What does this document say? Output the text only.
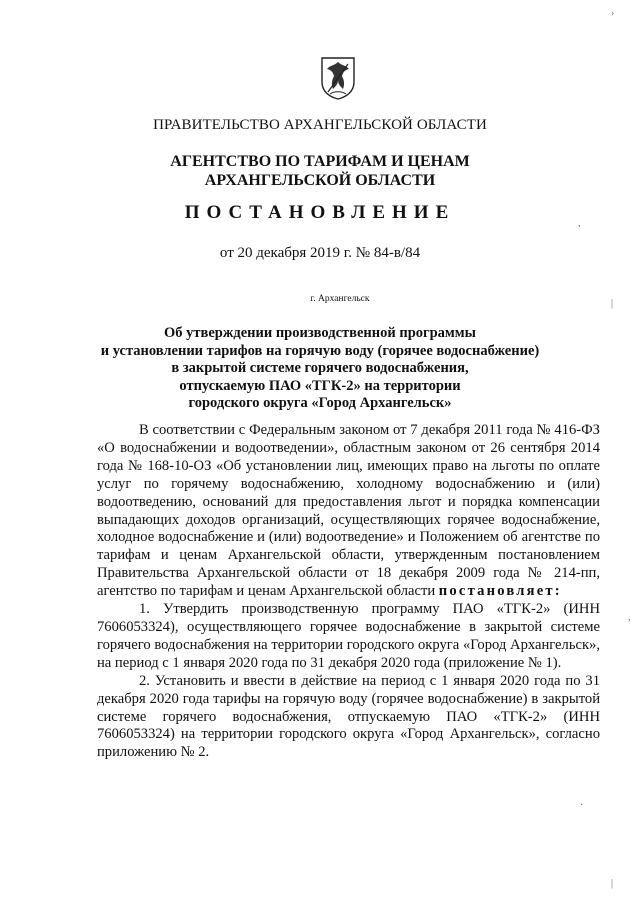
ПРАВИТЕЛЬСТВО АРХАНГЕЛЬСКОЙ ОБЛАСТИ
АГЕНТСТВО ПО ТАРИФАМ И ЦЕНАМ
АРХАНГЕЛЬСКОЙ ОБЛАСТИ
ПОСТАНОВЛЕНИЕ
от 20 декабря 2019 г. № 84-в/84
г. Архангельск
Об утверждении производственной программы
и установлении тарифов на горячую воду (горячее водоснабжение)
в закрытой системе горячего водоснабжения,
отпускаемую ПАО «ТГК-2» на территории
городского округа «Город Архангельск»

В соответствии с Федеральным законом от 7 декабря 2011 года № 416-ФЗ «О водоснабжении и водоотведении», областным законом от 26 сентября 2014 года № 168-10-ОЗ «Об установлении лиц, имеющих право на льготы по оплате услуг по горячему водоснабжению, холодному водоснабжению и (или) водоотведению, оснований для предоставления льгот и порядка компенсации выпадающих доходов организаций, осуществляющих горячее водоснабжение, холодное водоснабжение и (или) водоотведение» и Положением об агентстве по тарифам и ценам Архангельской области, утвержденным постановлением Правительства Архангельской области от 18 декабря 2009 года № 214-пп, агентство по тарифам и ценам Архангельской области постановляет:

1. Утвердить производственную программу ПАО «ТГК-2» (ИНН 7606053324), осуществляющего горячее водоснабжение в закрытой системе горячего водоснабжения на территории городского округа «Город Архангельск», на период с 1 января 2020 года по 31 декабря 2020 года (приложение № 1).

2. Установить и ввести в действие на период с 1 января 2020 года по 31 декабря 2020 года тарифы на горячую воду (горячее водоснабжение) в закрытой системе горячего водоснабжения, отпускаемую ПАО «ТГК-2» (ИНН 7606053324) на территории городского округа «Город Архангельск», согласно приложению № 2.

›
,
|
,
·
|
